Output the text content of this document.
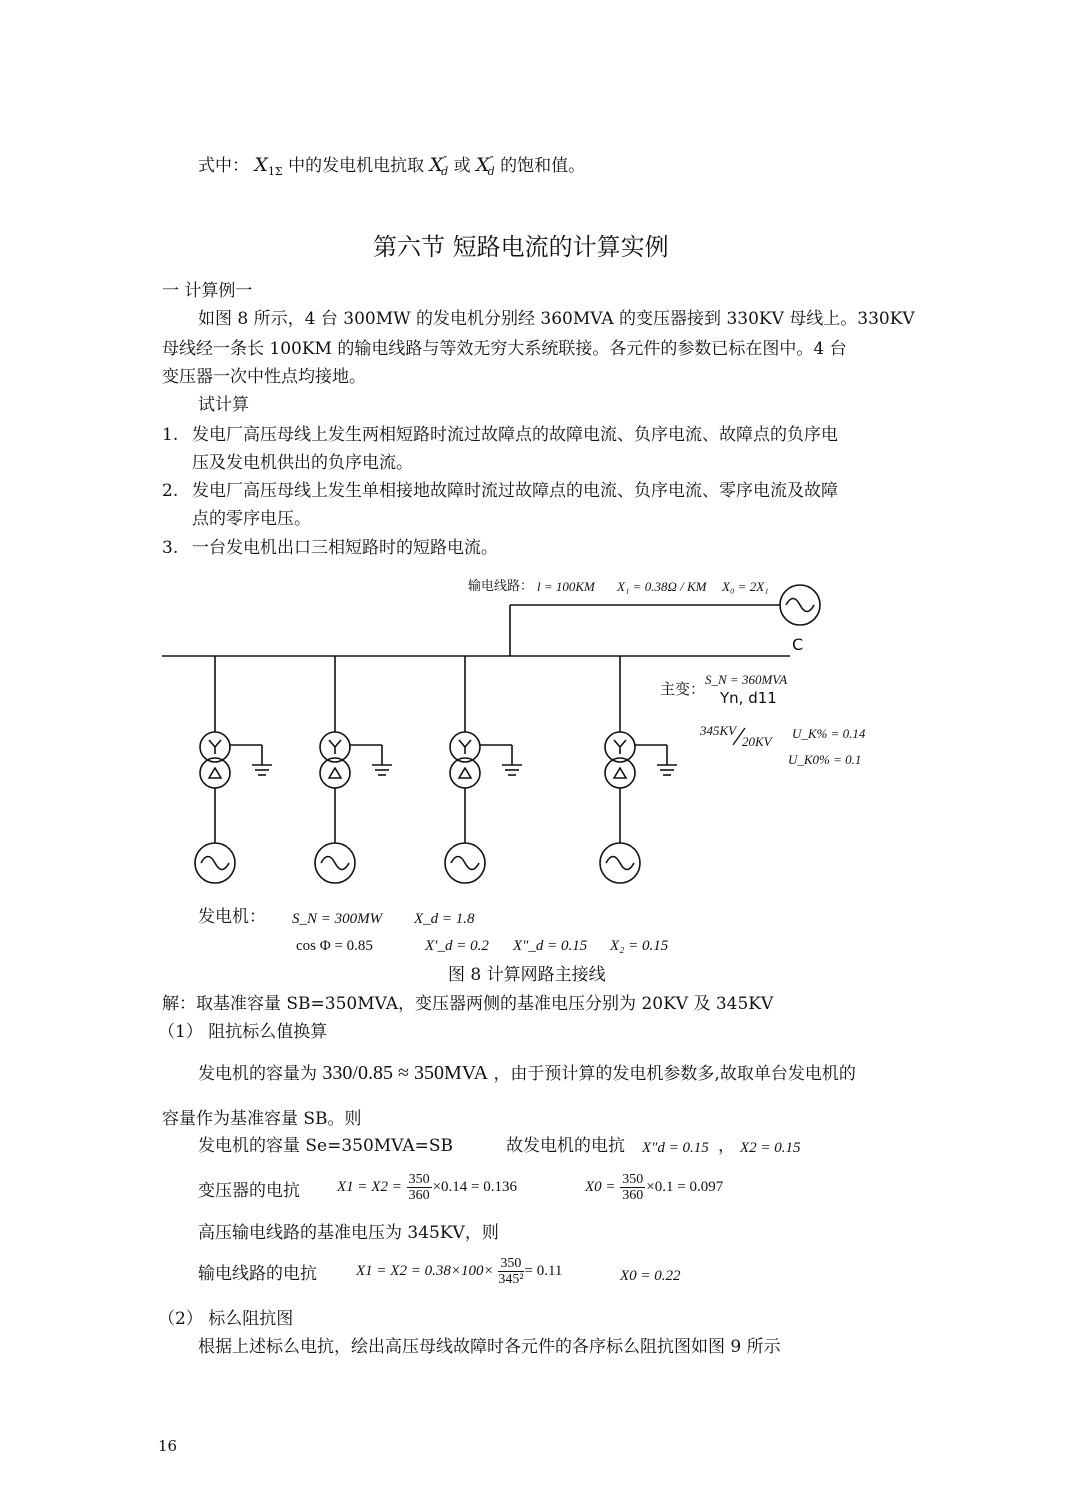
式中： $X_{1\Sigma}$ 中的发电机电抗取 $X''_d$ 或 $X''_d$ 的饱和值。
第六节 短路电流的计算实例
一 计算例一
如图 8 所示，4 台 300MW 的发电机分别经 360MVA 的变压器接到 330KV 母线上。330KV
母线经一条长 100KM 的输电线路与等效无穷大系统联接。各元件的参数已标在图中。4 台
变压器一次中性点均接地。
试计算
1. 发电厂高压母线上发生两相短路时流过故障点的故障电流、负序电流、故障点的负序电
压及发电机供出的负序电流。
2. 发电厂高压母线上发生单相接地故障时流过故障点的电流、负序电流、零序电流及故障
点的零序电压。
3. 一台发电机出口三相短路时的短路电流。
输电线路： l = 100KM X₁ = 0.38Ω / KM X₀ = 2X₁
C
主变：
S_N = 360MVA
Yn, d11
345KV
20KV
U_K% = 0.14
U_K0% = 0.1
发电机： S_N = 300MW X_d = 1.8
cos Φ = 0.85	X′_d = 0.2 X″_d = 0.15 X₂ = 0.15
图 8 计算网路主接线
解：取基准容量 SB=350MVA，变压器两侧的基准电压分别为 20KV 及 345KV
（1） 阻抗标么值换算
发电机的容量为 330/0.85 ≈ 350MVA ，由于预计算的发电机参数多,故取单台发电机的
容量作为基准容量 SB。则
发电机的容量 Se=350MVA=SB	故发电机的电抗 X″d = 0.15 ， X2 = 0.15
变压器的电抗 $X1 = X2 = \frac{350}{360} \times 0.14 = 0.136$	$X0 = \frac{350}{360} \times 0.1 = 0.097$
高压输电线路的基准电压为 345KV，则
输电线路的电抗	$X1 = X2 = 0.38\times 100\times \frac{350}{\text{345²}} = 0.11$	X0 = 0.22
（2） 标么阻抗图
根据上述标么电抗，绘出高压母线故障时各元件的各序标么阻抗图如图 9 所示
16
